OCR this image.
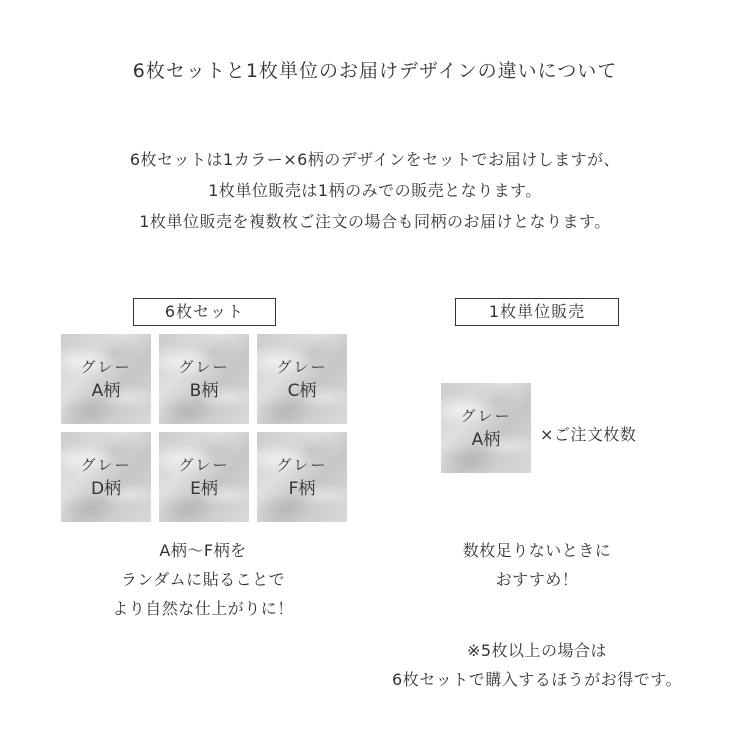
6枚セットと1枚単位のお届けデザインの違いについて
6枚セットは1カラー×6柄のデザインをセットでお届けしますが、
1枚単位販売は1柄のみでの販売となります。
1枚単位販売を複数枚ご注文の場合も同柄のお届けとなります。
6枚セット
グレー
A柄
グレー
B柄
グレー
C柄
グレー
D柄
グレー
E柄
グレー
F柄
A柄〜F柄を
ランダムに貼ることで
より自然な仕上がりに！
1枚単位販売
グレー
A柄 ×ご注文枚数
数枚足りないときに
おすすめ！
※5枚以上の場合は
6枚セットで購入するほうがお得です。
